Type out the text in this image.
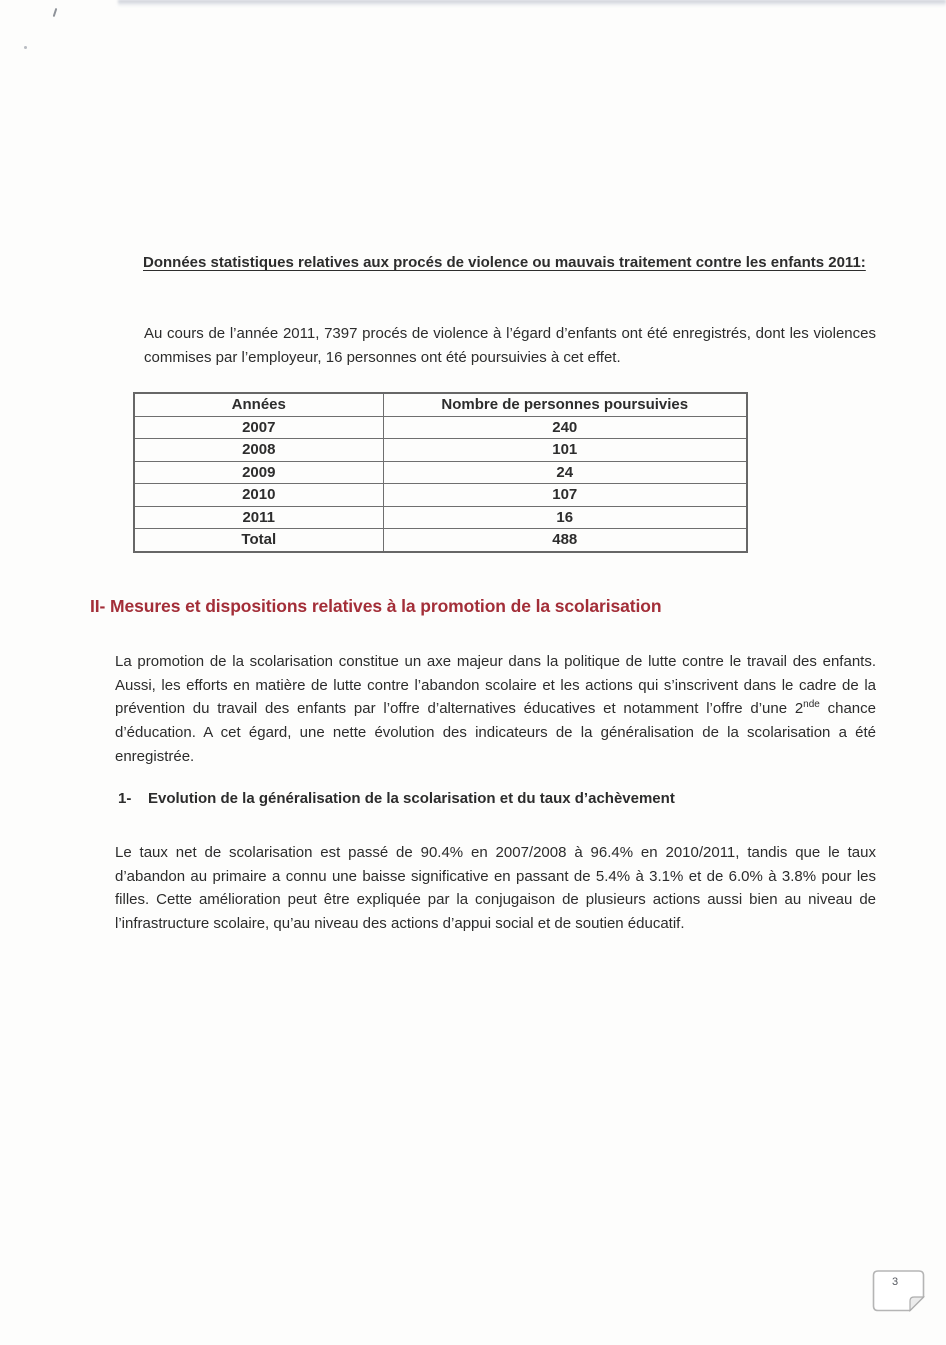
Données statistiques relatives aux procés de violence ou mauvais traitement contre les enfants 2011:
Au cours de l’année 2011, 7397 procés de violence à l’égard d’enfants ont été enregistrés, dont les violences commises par l’employeur, 16 personnes ont été poursuivies à cet effet.
Années	Nombre de personnes poursuivies
2007	240
2008	101
2009	24
2010	107
2011	16
Total	488
II- Mesures et dispositions relatives à la promotion de la scolarisation
La promotion de la scolarisation constitue un axe majeur dans la politique de lutte contre le travail des enfants. Aussi, les efforts en matière de lutte contre l’abandon scolaire et les actions qui s’inscrivent dans le cadre de la prévention du travail des enfants par l’offre d’alternatives éducatives et notamment l’offre d’une 2nde chance d’éducation. A cet égard, une nette évolution des indicateurs de la généralisation de la scolarisation a été enregistrée.
1-	Evolution de la généralisation de la scolarisation et du taux d’achèvement
Le taux net de scolarisation est passé de 90.4% en 2007/2008 à 96.4% en 2010/2011, tandis que le taux d’abandon au primaire a connu une baisse significative en passant de 5.4% à 3.1% et de 6.0% à 3.8% pour les filles. Cette amélioration peut être expliquée par la conjugaison de plusieurs actions aussi bien au niveau de l’infrastructure scolaire, qu’au niveau des actions d’appui social et de soutien éducatif.
3
